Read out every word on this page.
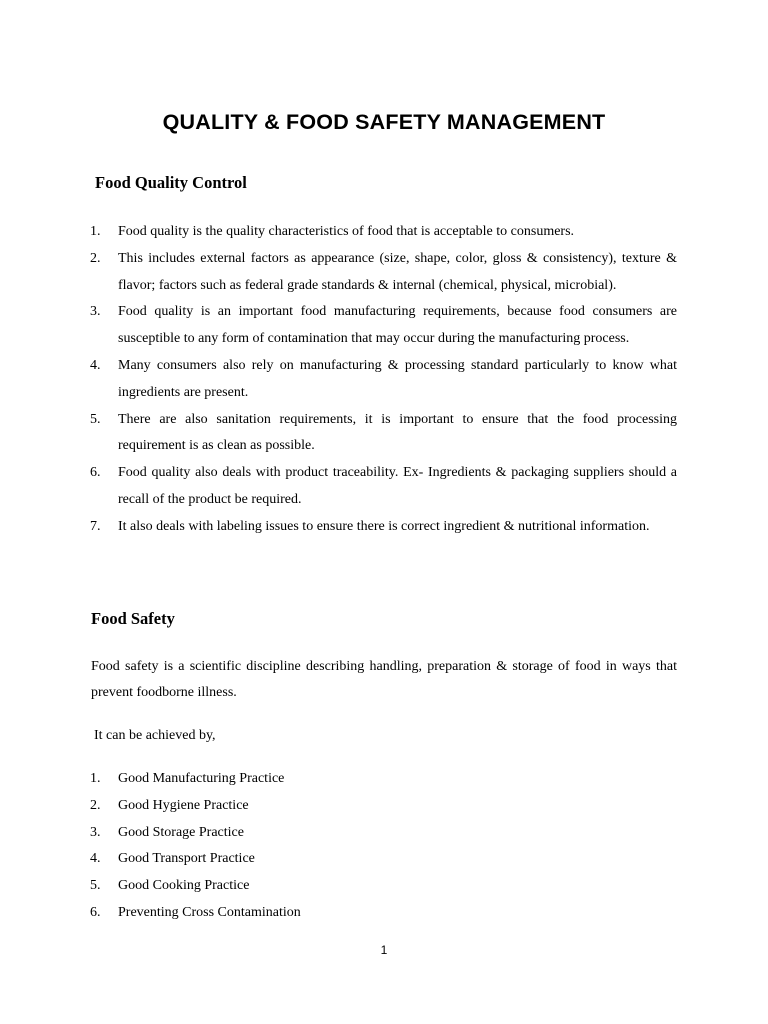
QUALITY & FOOD SAFETY MANAGEMENT
Food Quality Control
1. Food quality is the quality characteristics of food that is acceptable to consumers.
2. This includes external factors as appearance (size, shape, color, gloss & consistency), texture & flavor; factors such as federal grade standards & internal (chemical, physical, microbial).
3. Food quality is an important food manufacturing requirements, because food consumers are susceptible to any form of contamination that may occur during the manufacturing process.
4. Many consumers also rely on manufacturing & processing standard particularly to know what ingredients are present.
5. There are also sanitation requirements, it is important to ensure that the food processing requirement is as clean as possible.
6. Food quality also deals with product traceability. Ex- Ingredients & packaging suppliers should a recall of the product be required.
7. It also deals with labeling issues to ensure there is correct ingredient & nutritional information.
Food Safety

Food safety is a scientific discipline describing handling, preparation & storage of food in ways that prevent foodborne illness.

It can be achieved by,

1. Good Manufacturing Practice
2. Good Hygiene Practice
3. Good Storage Practice
4. Good Transport Practice
5. Good Cooking Practice
6. Preventing Cross Contamination

1
